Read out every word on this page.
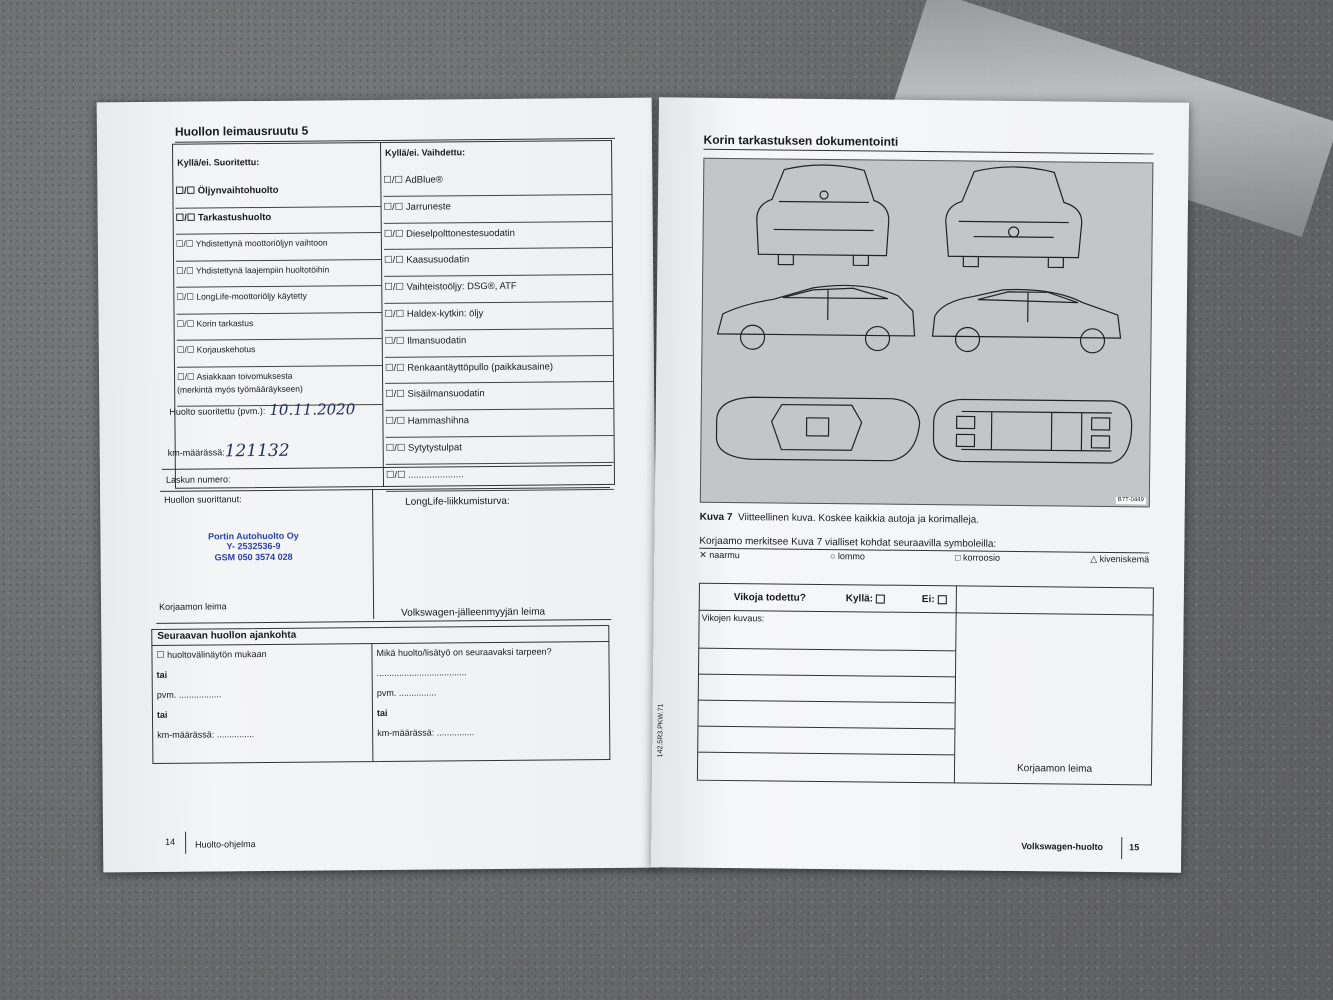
Huollon leimausruutu 5
Kyllä/ei. Suoritettu:
Kyllä/ei. Vaihdettu:
☐/☐ Öljynvaihtohuolto
☐/☐ Tarkastushuolto
☐/☐ Yhdistettynä moottoriöljyn vaihtoon
☐/☐ Yhdistettynä laajempiin huoltotöihin
☐/☐ LongLife-moottoriöljy käytetty
☐/☐ Korin tarkastus
☐/☐ Korjauskehotus
☐/☐ Asiakkaan toivomuksesta
(merkintä myös työmääräykseen)
☐/☐ AdBlue®
☐/☐ Jarruneste
☐/☐ Dieselpolttonestesuodatin
☐/☐ Kaasusuodatin
☐/☐ Vaihteistoöljy: DSG®, ATF
☐/☐ Haldex-kytkin: öljy
☐/☐ Ilmansuodatin
☐/☐ Renkaantäyttöpullo (paikkausaine)
☐/☐ Sisäilmansuodatin
☐/☐ Hammashihna
☐/☐ Sytytystulpat
☐/☐ .....................
Huolto suoritettu (pvm.): 10.11.2020
km-määrässä: 121132
Laskun numero:
Huollon suorittanut:	LongLife-liikkumisturva:
Portin Autohuolto Oy
Y- 2532536-9
GSM 050 3574 028
Korjaamon leima	Volkswagen-jälleenmyyjän leima
Seuraavan huollon ajankohta
☐ huoltovälinäytön mukaan
tai
pvm. .................
tai
km-määrässä: ...............
Mikä huolto/lisätyö on seuraavaksi tarpeen?
....................................
pvm. ...............
tai
km-määrässä: ...............
14 Huolto-ohjelma
Korin tarkastuksen dokumentointi
B7T-0449
Kuva 7 Viitteellinen kuva. Koskee kaikkia autoja ja korimalleja.
Korjaamo merkitsee Kuva 7 vialliset kohdat seuraavilla symboleilla:
✕ naarmu	○ lommo	□ korroosio	△ kiveniskemä
Vikoja todettu?	Kyllä:	Ei:
Vikojen kuvaus:
Korjaamon leima
142.5R3.PKW.71
Volkswagen-huolto	15
